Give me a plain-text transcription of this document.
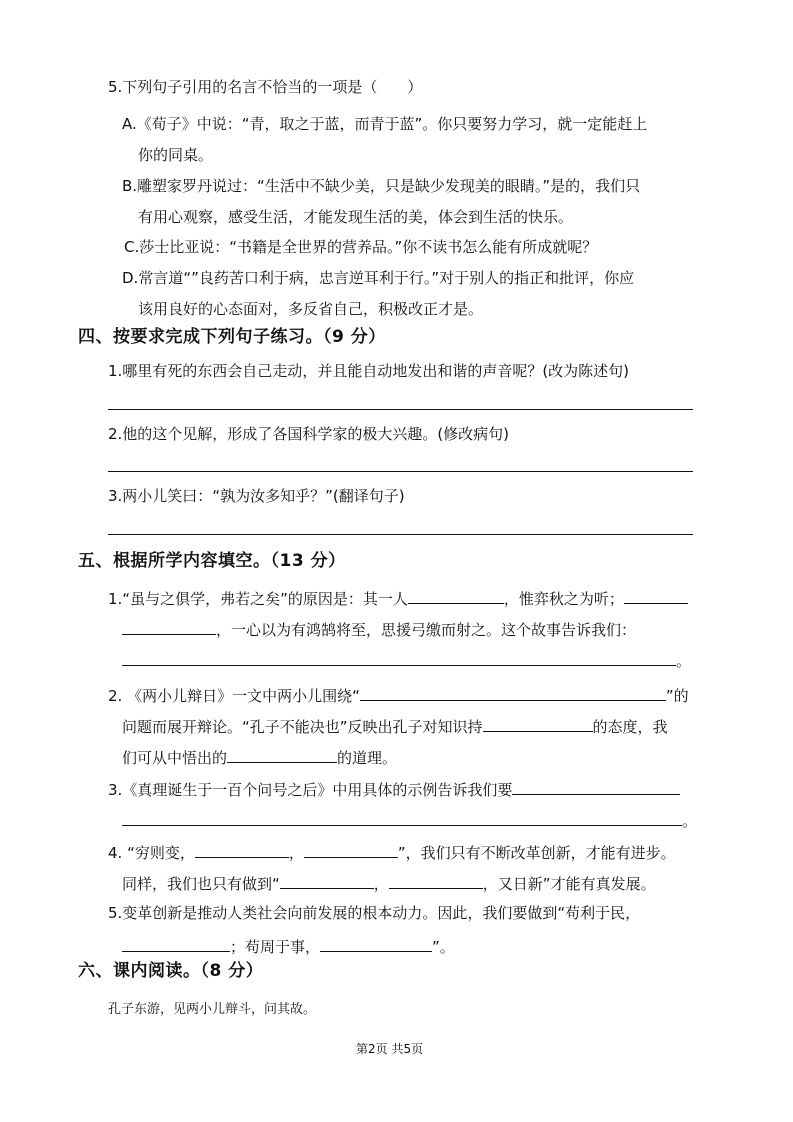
5.下列句子引用的名言不恰当的一项是（　　）
A.《荀子》中说：“青，取之于蓝，而青于蓝”。你只要努力学习，就一定能赶上
你的同桌。
B.雕塑家罗丹说过：“生活中不缺少美，只是缺少发现美的眼睛。”是的，我们只
有用心观察，感受生活，才能发现生活的美，体会到生活的快乐。
C.莎士比亚说：“书籍是全世界的营养品。”你不读书怎么能有所成就呢？
D.常言道“”良药苦口利于病，忠言逆耳利于行。”对于别人的指正和批评，你应
该用良好的心态面对，多反省自己，积极改正才是。
四、按要求完成下列句子练习。（9 分）
1.哪里有死的东西会自己走动，并且能自动地发出和谐的声音呢？(改为陈述句)
2.他的这个见解，形成了各国科学家的极大兴趣。(修改病句)
3.两小儿笑曰：“孰为汝多知乎？”(翻译句子)
五、根据所学内容填空。（13 分）
1.“虽与之俱学，弗若之矣”的原因是：其一人	，惟弈秋之为听；
，一心以为有鸿鹄将至，思援弓缴而射之。这个故事告诉我们：
。
2. 《两小儿辩日》一文中两小儿围绕“	”的
问题而展开辩论。“孔子不能决也”反映出孔子对知识持	的态度，我
们可从中悟出的	的道理。
3.《真理诞生于一百个问号之后》中用具体的示例告诉我们要
。
4. “穷则变，	，	”，我们只有不断改革创新，才能有进步。
同样，我们也只有做到“	，	，又日新”才能有真发展。
5.变革创新是推动人类社会向前发展的根本动力。因此，我们要做到“苟利于民，
；苟周于事，	”。
六、课内阅读。（8 分）
孔子东游，见两小儿辩斗，问其故。
第2页 共5页
